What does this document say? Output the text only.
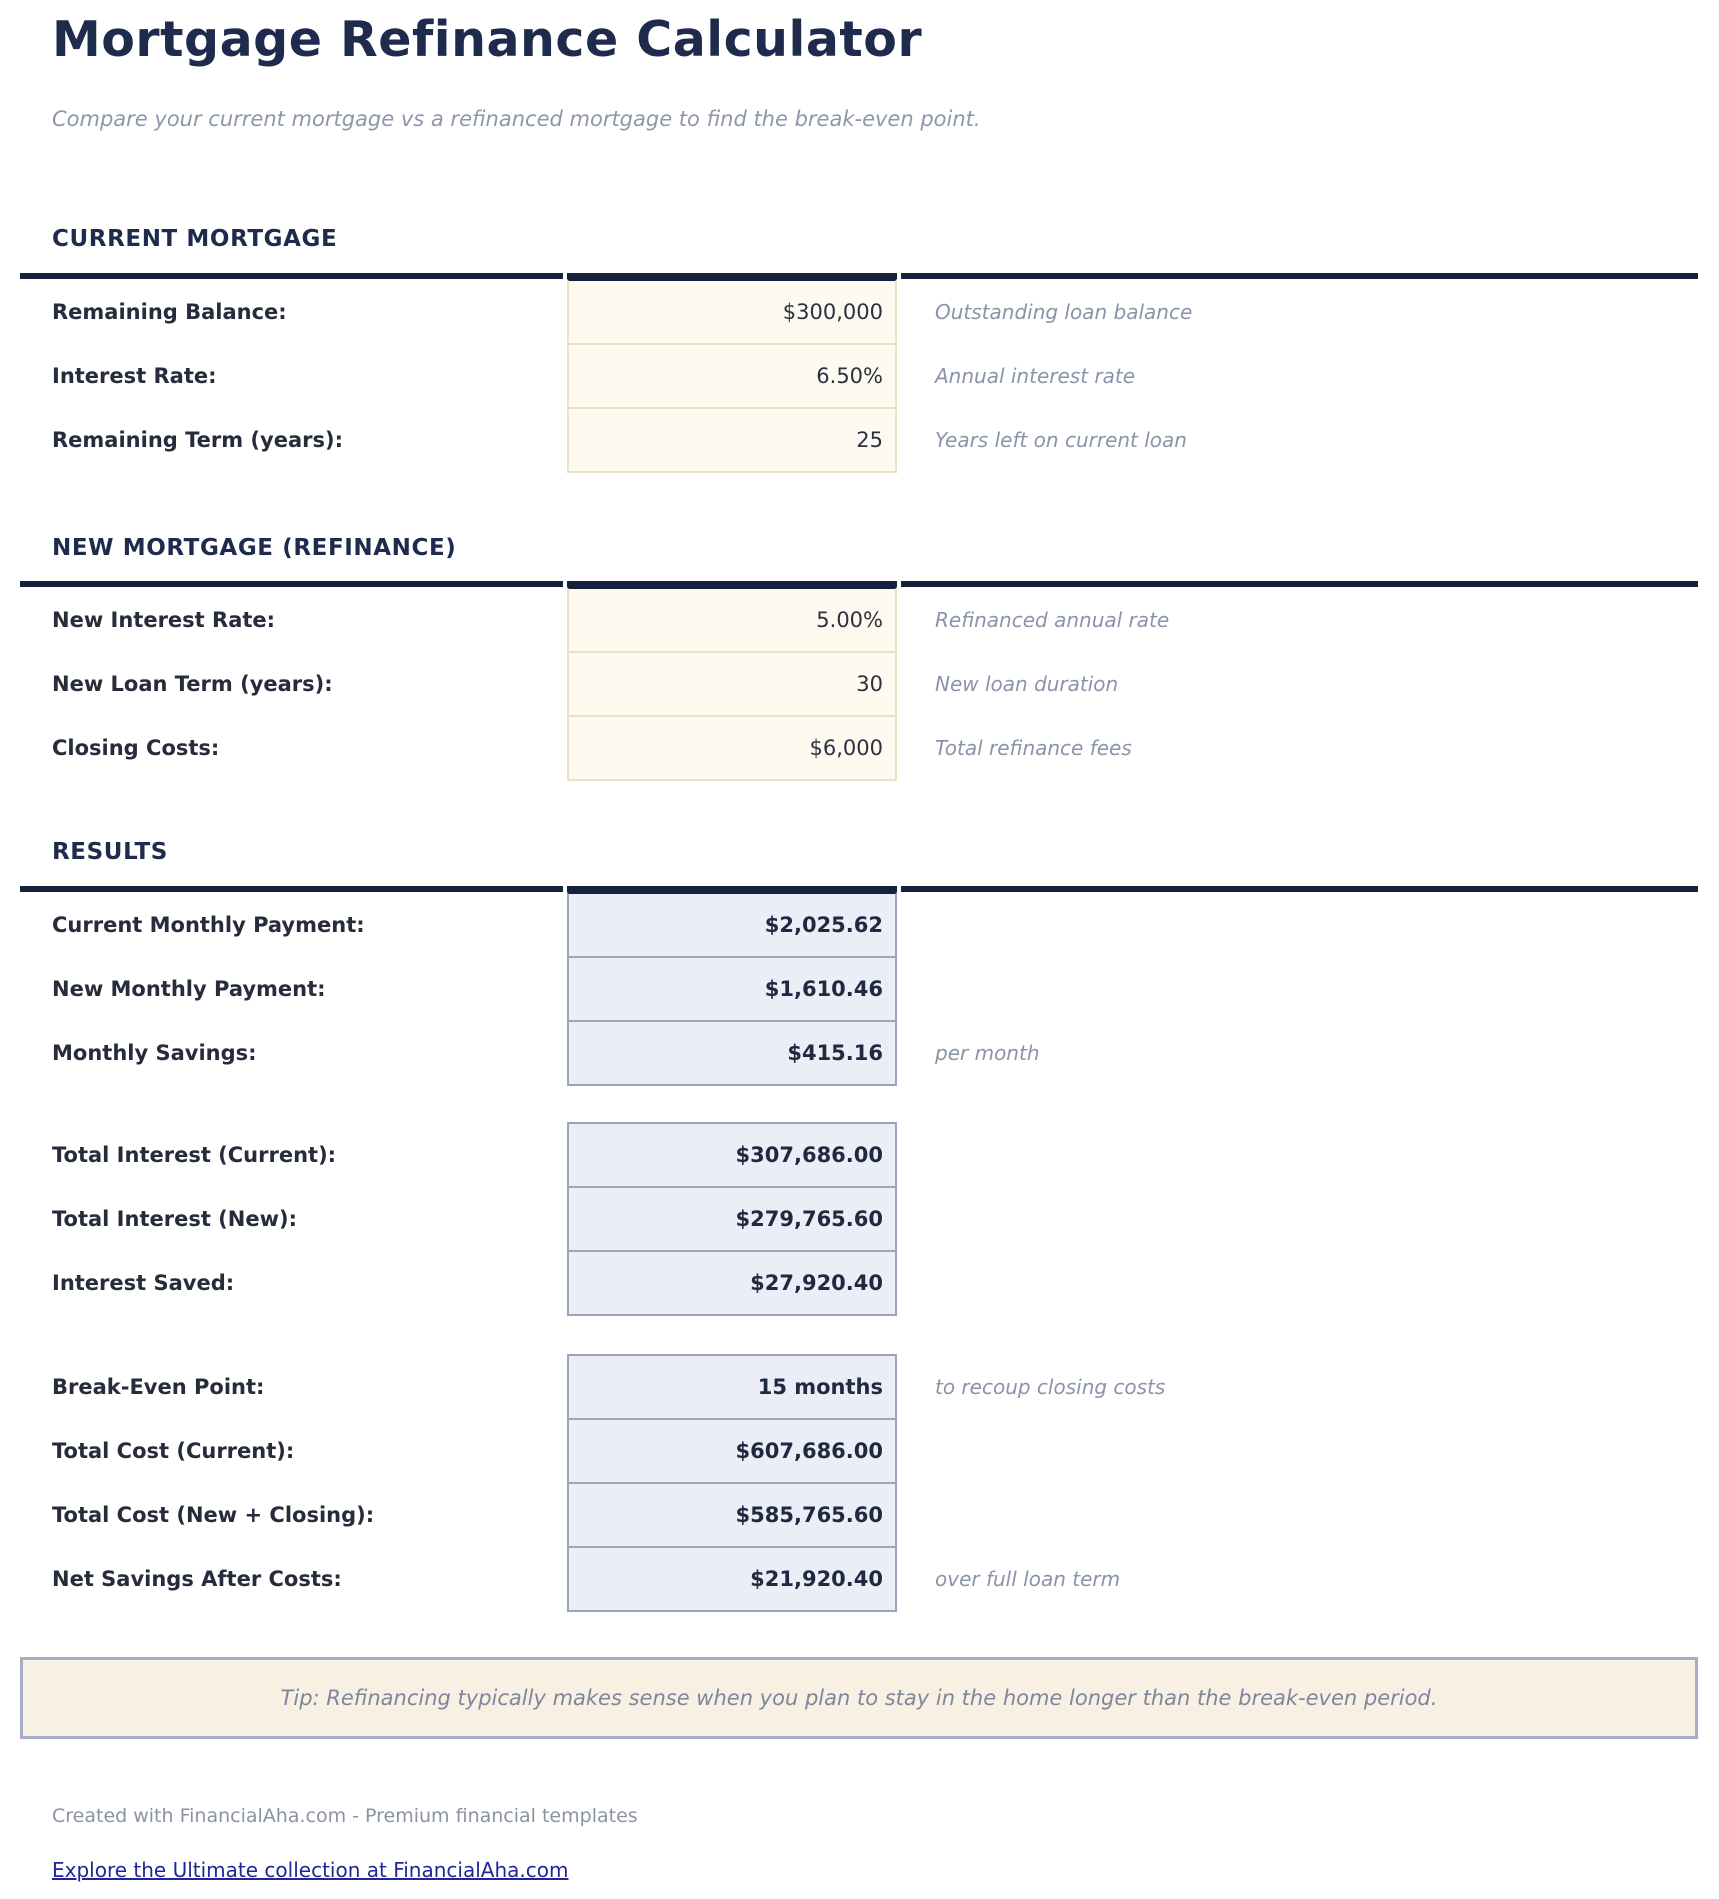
Mortgage Refinance Calculator

Compare your current mortgage vs a refinanced mortgage to find the break-even point.

CURRENT MORTGAGE
Remaining Balance:
$300,000	Outstanding loan balance
Interest Rate:
6.50%	Annual interest rate
Remaining Term (years):
25	Years left on current loan
NEW MORTGAGE (REFINANCE)
New Interest Rate:
5.00%	Refinanced annual rate
New Loan Term (years):
30	New loan duration
Closing Costs:
$6,000	Total refinance fees
RESULTS
Current Monthly Payment:	$2,025.62
New Monthly Payment:	$1,610.46
Monthly Savings:	$415.16	per month
Total Interest (Current):	$307,686.00
Total Interest (New):	$279,765.60
Interest Saved:	$27,920.40
Break-Even Point:	15 months	to recoup closing costs
Total Cost (Current):	$607,686.00
Total Cost (New + Closing):	$585,765.60
Net Savings After Costs:	$21,920.40	over full loan term
Tip: Refinancing typically makes sense when you plan to stay in the home longer than the break-even period.

Created with FinancialAha.com - Premium financial templates

Explore the Ultimate collection at FinancialAha.com
